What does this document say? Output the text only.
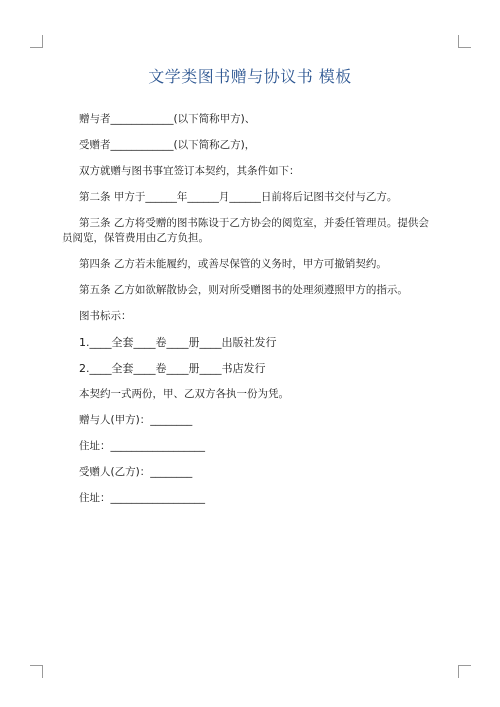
文学类图书赠与协议书 模板

赠与者____________(以下简称甲方)、

受赠者____________(以下简称乙方)，

双方就赠与图书事宜签订本契约，其条件如下：

第二条 甲方于______年______月______日前将后记图书交付与乙方。

第三条 乙方将受赠的图书陈设于乙方协会的阅览室，并委任管理员。提供会员阅览，保管费用由乙方负担。

第四条 乙方若未能履约，或善尽保管的义务时，甲方可撤销契约。

第五条 乙方如欲解散协会，则对所受赠图书的处理须遵照甲方的指示。

图书标示：

1.____全套____卷____册____出版社发行

2.____全套____卷____册____书店发行

本契约一式两份，甲、乙双方各执一份为凭。

赠与人(甲方)：________

住址：__________________

受赠人(乙方)：________

住址：__________________
